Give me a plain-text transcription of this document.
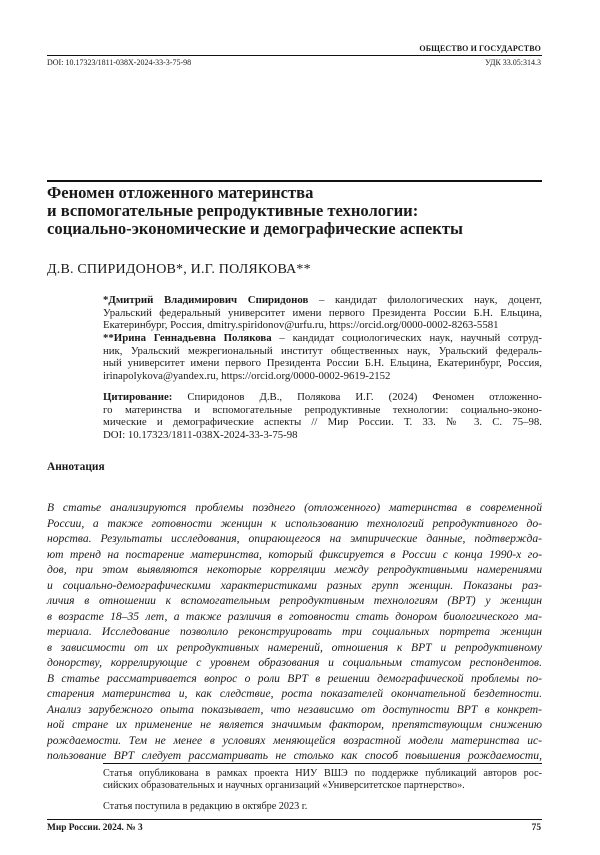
ОБЩЕСТВО И ГОСУДАРСТВО
DOI: 10.17323/1811-038X-2024-33-3-75-98	УДК 33.05:314.3
Феномен отложенного материнства
и вспомогательные репродуктивные технологии:
социально-экономические и демографические аспекты
Д.В. СПИРИДОНОВ*, И.Г. ПОЛЯКОВА**
*Дмитрий Владимирович Спиридонов – кандидат филологических наук, доцент,
Уральский федеральный университет имени первого Президента России Б.Н. Ельцина,
Екатеринбург, Россия, dmitry.spiridonov@urfu.ru, https://orcid.org/0000-0002-8263-5581
**Ирина Геннадьевна Полякова – кандидат социологических наук, научный сотруд-
ник, Уральский межрегиональный институт общественных наук, Уральский федераль-
ный университет имени первого Президента России Б.Н. Ельцина, Екатеринбург, Россия,
irinapolykova@yandex.ru, https://orcid.org/0000-0002-9619-2152
Цитирование: Спиридонов Д.В., Полякова И.Г. (2024) Феномен отложенно-
го материнства и вспомогательные репродуктивные технологии: социально-эконо-
мические и демографические аспекты // Мир России. Т. 33. № 3. С. 75–98.
DOI: 10.17323/1811-038X-2024-33-3-75-98
Аннотация
В статье анализируются проблемы позднего (отложенного) материнства в современной
России, а также готовности женщин к использованию технологий репродуктивного до-
норства. Результаты исследования, опирающегося на эмпирические данные, подтвержда-
ют тренд на постарение материнства, который фиксируется в России с конца 1990-х го-
дов, при этом выявляются некоторые корреляции между репродуктивными намерениями
и социально-демографическими характеристиками разных групп женщин. Показаны раз-
личия в отношении к вспомогательным репродуктивным технологиям (ВРТ) у женщин
в возрасте 18–35 лет, а также различия в готовности стать донором биологического ма-
териала. Исследование позволило реконструировать три социальных портрета женщин
в зависимости от их репродуктивных намерений, отношения к ВРТ и репродуктивному
донорству, коррелирующие с уровнем образования и социальным статусом респондентов.
В статье рассматривается вопрос о роли ВРТ в решении демографической проблемы по-
старения материнства и, как следствие, роста показателей окончательной бездетности.
Анализ зарубежного опыта показывает, что независимо от доступности ВРТ в конкрет-
ной стране их применение не является значимым фактором, препятствующим снижению
рождаемости. Тем не менее в условиях меняющейся возрастной модели материнства ис-
пользование ВРТ следует рассматривать не столько как способ повышения рождаемости,
Статья опубликована в рамках проекта НИУ ВШЭ по поддержке публикаций авторов рос-
сийских образовательных и научных организаций «Университетское партнерство».
Статья поступила в редакцию в октябре 2023 г.
Мир России. 2024. № 3	75
